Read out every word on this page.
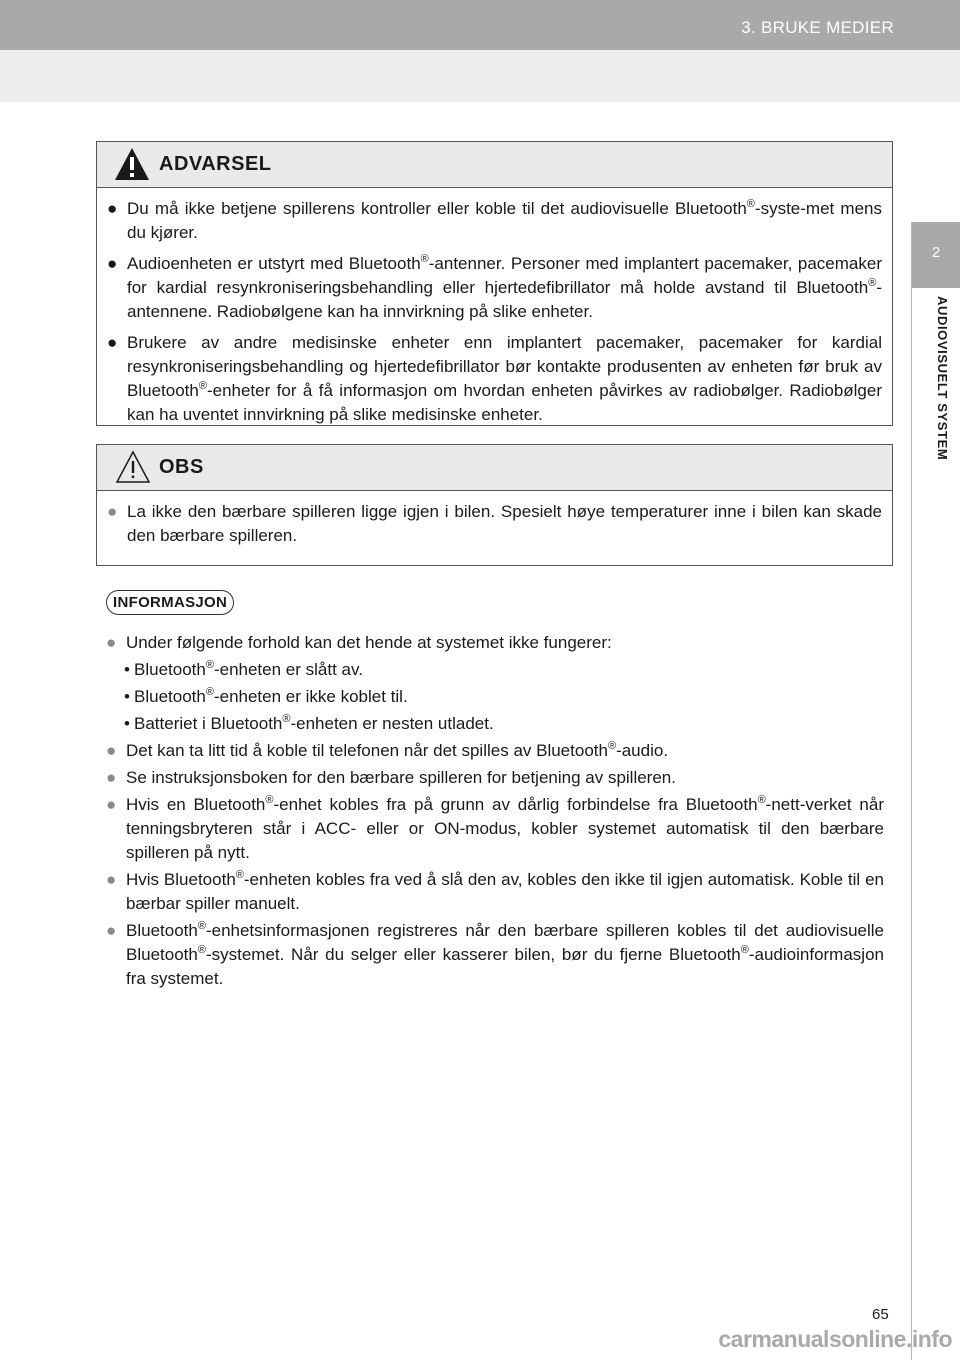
3. BRUKE MEDIER
2
AUDIOVISUELT SYSTEM
ADVARSEL
● Du må ikke betjene spillerens kontroller eller koble til det audiovisuelle Bluetooth®-syste-met mens du kjører.
● Audioenheten er utstyrt med Bluetooth®-antenner. Personer med implantert pacemaker, pacemaker for kardial resynkroniseringsbehandling eller hjertedefibrillator må holde avstand til Bluetooth®-antennene. Radiobølgene kan ha innvirkning på slike enheter.
● Brukere av andre medisinske enheter enn implantert pacemaker, pacemaker for kardial resynkroniseringsbehandling og hjertedefibrillator bør kontakte produsenten av enheten før bruk av Bluetooth®-enheter for å få informasjon om hvordan enheten påvirkes av radiobølger. Radiobølger kan ha uventet innvirkning på slike medisinske enheter.
OBS
● La ikke den bærbare spilleren ligge igjen i bilen. Spesielt høye temperaturer inne i bilen kan skade den bærbare spilleren.
INFORMASJON
● Under følgende forhold kan det hende at systemet ikke fungerer:
• Bluetooth®-enheten er slått av.
• Bluetooth®-enheten er ikke koblet til.
• Batteriet i Bluetooth®-enheten er nesten utladet.
● Det kan ta litt tid å koble til telefonen når det spilles av Bluetooth®-audio.
● Se instruksjonsboken for den bærbare spilleren for betjening av spilleren.
● Hvis en Bluetooth®-enhet kobles fra på grunn av dårlig forbindelse fra Bluetooth®-nett-verket når tenningsbryteren står i ACC- eller or ON-modus, kobler systemet automatisk til den bærbare spilleren på nytt.
● Hvis Bluetooth®-enheten kobles fra ved å slå den av, kobles den ikke til igjen automatisk. Koble til en bærbar spiller manuelt.
● Bluetooth®-enhetsinformasjonen registreres når den bærbare spilleren kobles til det audiovisuelle Bluetooth®-systemet. Når du selger eller kasserer bilen, bør du fjerne Bluetooth®-audioinformasjon fra systemet.
65
carmanualsonline.info
